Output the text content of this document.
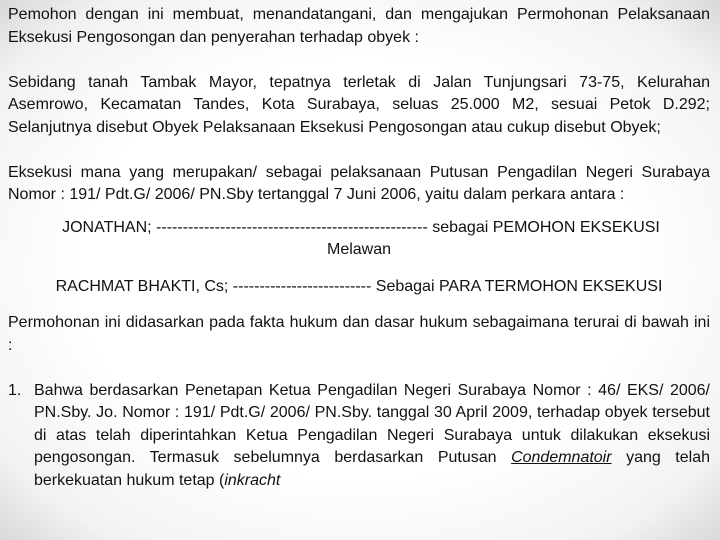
Pemohon dengan ini membuat, menandatangani, dan mengajukan Permohonan Pelaksanaan Eksekusi Pengosongan dan penyerahan terhadap obyek :

Sebidang tanah Tambak Mayor, tepatnya terletak di Jalan Tunjungsari 73-75, Kelurahan Asemrowo, Kecamatan Tandes, Kota Surabaya, seluas 25.000 M2, sesuai Petok D.292; Selanjutnya disebut Obyek Pelaksanaan Eksekusi Pengosongan atau cukup disebut Obyek;

Eksekusi mana yang merupakan/ sebagai pelaksanaan Putusan Pengadilan Negeri Surabaya Nomor : 191/ Pdt.G/ 2006/ PN.Sby tertanggal 7 Juni 2006, yaitu dalam perkara antara :

JONATHAN; --------------------------------------------------- sebagai PEMOHON EKSEKUSI
Melawan
RACHMAT BHAKTI, Cs; -------------------------- Sebagai PARA TERMOHON EKSEKUSI

Permohonan ini didasarkan pada fakta hukum dan dasar hukum sebagaimana terurai di bawah ini :

1. Bahwa berdasarkan Penetapan Ketua Pengadilan Negeri Surabaya Nomor : 46/ EKS/ 2006/ PN.Sby. Jo. Nomor : 191/ Pdt.G/ 2006/ PN.Sby. tanggal 30 April 2009, terhadap obyek tersebut di atas telah diperintahkan Ketua Pengadilan Negeri Surabaya untuk dilakukan eksekusi pengosongan. Termasuk sebelumnya berdasarkan Putusan Condemnatoir yang telah berkekuatan hukum tetap (inkracht
